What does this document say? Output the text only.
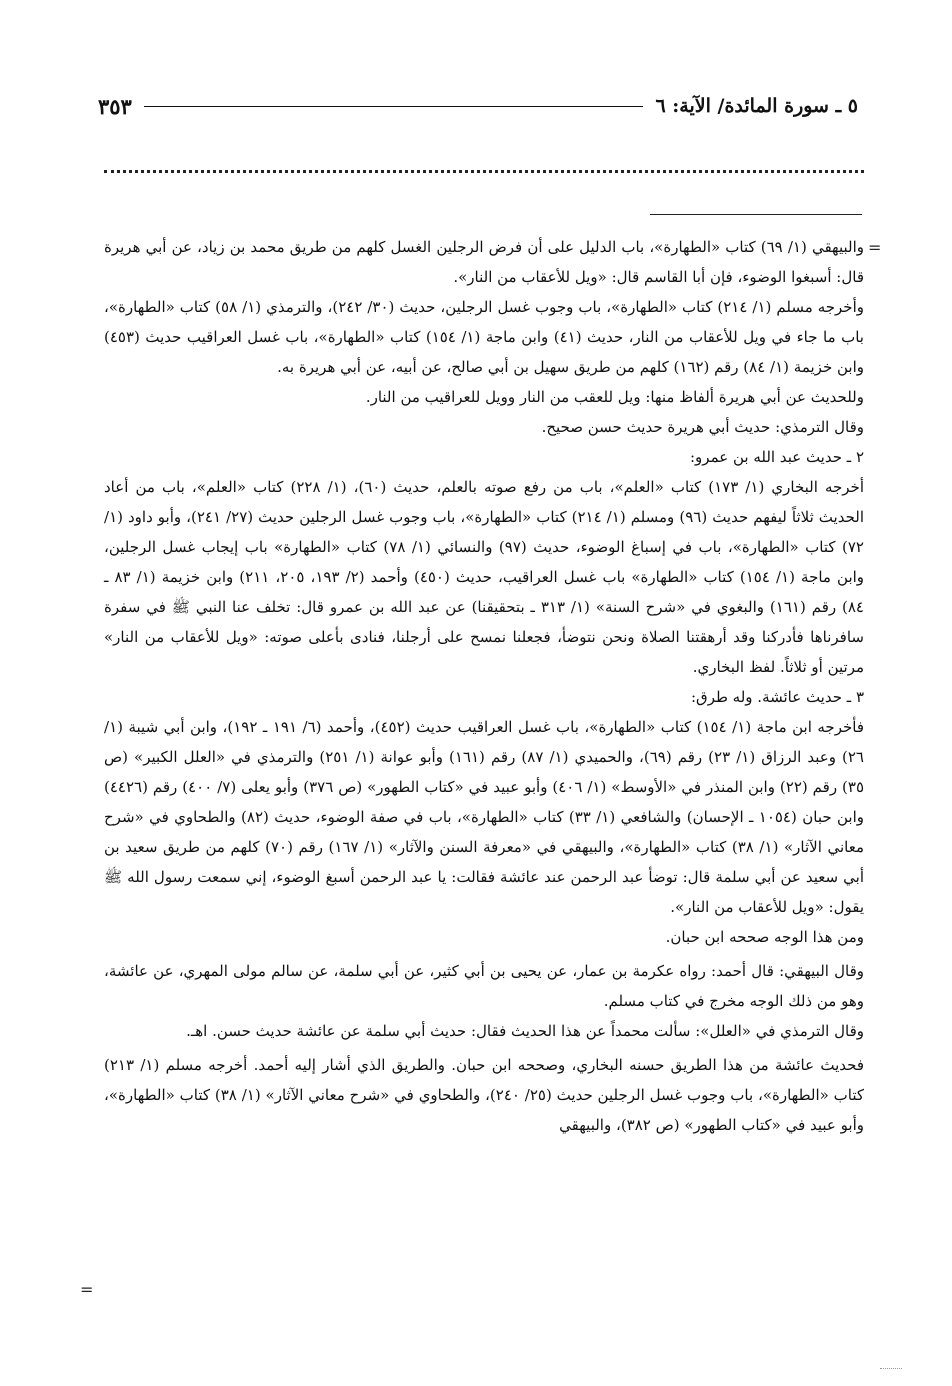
٥ ـ سورة المائدة/ الآية: ٦
٣٥٣
=
=

والبيهقي (١/ ٦٩) كتاب «الطهارة»، باب الدليل على أن فرض الرجلين الغسل كلهم من طريق محمد بن زياد، عن أبي هريرة قال: أسبغوا الوضوء، فإن أبا القاسم قال: «ويل للأعقاب من النار».

وأخرجه مسلم (١/ ٢١٤) كتاب «الطهارة»، باب وجوب غسل الرجلين، حديث (٣٠/ ٢٤٢)، والترمذي (١/ ٥٨) كتاب «الطهارة»، باب ما جاء في ويل للأعقاب من النار، حديث (٤١) وابن ماجة (١/ ١٥٤) كتاب «الطهارة»، باب غسل العراقيب حديث (٤٥٣) وابن خزيمة (١/ ٨٤) رقم (١٦٢) كلهم من طريق سهيل بن أبي صالح، عن أبيه، عن أبي هريرة به.

وللحديث عن أبي هريرة ألفاظ منها: ويل للعقب من النار وويل للعراقيب من النار.

وقال الترمذي: حديث أبي هريرة حديث حسن صحيح.

٢ ـ حديث عبد الله بن عمرو:

أخرجه البخاري (١/ ١٧٣) كتاب «العلم»، باب من رفع صوته بالعلم، حديث (٦٠)، (١/ ٢٢٨) كتاب «العلم»، باب من أعاد الحديث ثلاثاً ليفهم حديث (٩٦) ومسلم (١/ ٢١٤) كتاب «الطهارة»، باب وجوب غسل الرجلين حديث (٢٧/ ٢٤١)، وأبو داود (١/ ٧٢) كتاب «الطهارة»، باب في إسباغ الوضوء، حديث (٩٧) والنسائي (١/ ٧٨) كتاب «الطهارة» باب إيجاب غسل الرجلين، وابن ماجة (١/ ١٥٤) كتاب «الطهارة» باب غسل العراقيب، حديث (٤٥٠) وأحمد (٢/ ١٩٣، ٢٠٥، ٢١١) وابن خزيمة (١/ ٨٣ ـ ٨٤) رقم (١٦١) والبغوي في «شرح السنة» (١/ ٣١٣ ـ بتحقيقنا) عن عبد الله بن عمرو قال: تخلف عنا النبي ﷺ في سفرة سافرناها فأدركنا وقد أرهقتنا الصلاة ونحن نتوضأ، فجعلنا نمسح على أرجلنا، فنادى بأعلى صوته: «ويل للأعقاب من النار» مرتين أو ثلاثاً. لفظ البخاري.

٣ ـ حديث عائشة. وله طرق:

فأخرجه ابن ماجة (١/ ١٥٤) كتاب «الطهارة»، باب غسل العراقيب حديث (٤٥٢)، وأحمد (٦/ ١٩١ ـ ١٩٢)، وابن أبي شيبة (١/ ٢٦) وعبد الرزاق (١/ ٢٣) رقم (٦٩)، والحميدي (١/ ٨٧) رقم (١٦١) وأبو عوانة (١/ ٢٥١) والترمذي في «العلل الكبير» (ص ٣٥) رقم (٢٢) وابن المنذر في «الأوسط» (١/ ٤٠٦) وأبو عبيد في «كتاب الطهور» (ص ٣٧٦) وأبو يعلى (٧/ ٤٠٠) رقم (٤٤٢٦) وابن حبان (١٠٥٤ ـ الإحسان) والشافعي (١/ ٣٣) كتاب «الطهارة»، باب في صفة الوضوء، حديث (٨٢) والطحاوي في «شرح معاني الآثار» (١/ ٣٨) كتاب «الطهارة»، والبيهقي في «معرفة السنن والآثار» (١/ ١٦٧) رقم (٧٠) كلهم من طريق سعيد بن أبي سعيد عن أبي سلمة قال: توضأ عبد الرحمن عند عائشة فقالت: يا عبد الرحمن أسبغ الوضوء، إني سمعت رسول الله ﷺ يقول: «ويل للأعقاب من النار».

ومن هذا الوجه صححه ابن حبان.

وقال البيهقي: قال أحمد: رواه عكرمة بن عمار، عن يحيى بن أبي كثير، عن أبي سلمة، عن سالم مولى المهري، عن عائشة، وهو من ذلك الوجه مخرج في كتاب مسلم.

وقال الترمذي في «العلل»: سألت محمداً عن هذا الحديث فقال: حديث أبي سلمة عن عائشة حديث حسن. اهـ.

فحديث عائشة من هذا الطريق حسنه البخاري، وصححه ابن حبان. والطريق الذي أشار إليه أحمد. أخرجه مسلم (١/ ٢١٣) كتاب «الطهارة»، باب وجوب غسل الرجلين حديث (٢٥/ ٢٤٠)، والطحاوي في «شرح معاني الآثار» (١/ ٣٨) كتاب «الطهارة»، وأبو عبيد في «كتاب الطهور» (ص ٣٨٢)، والبيهقي
